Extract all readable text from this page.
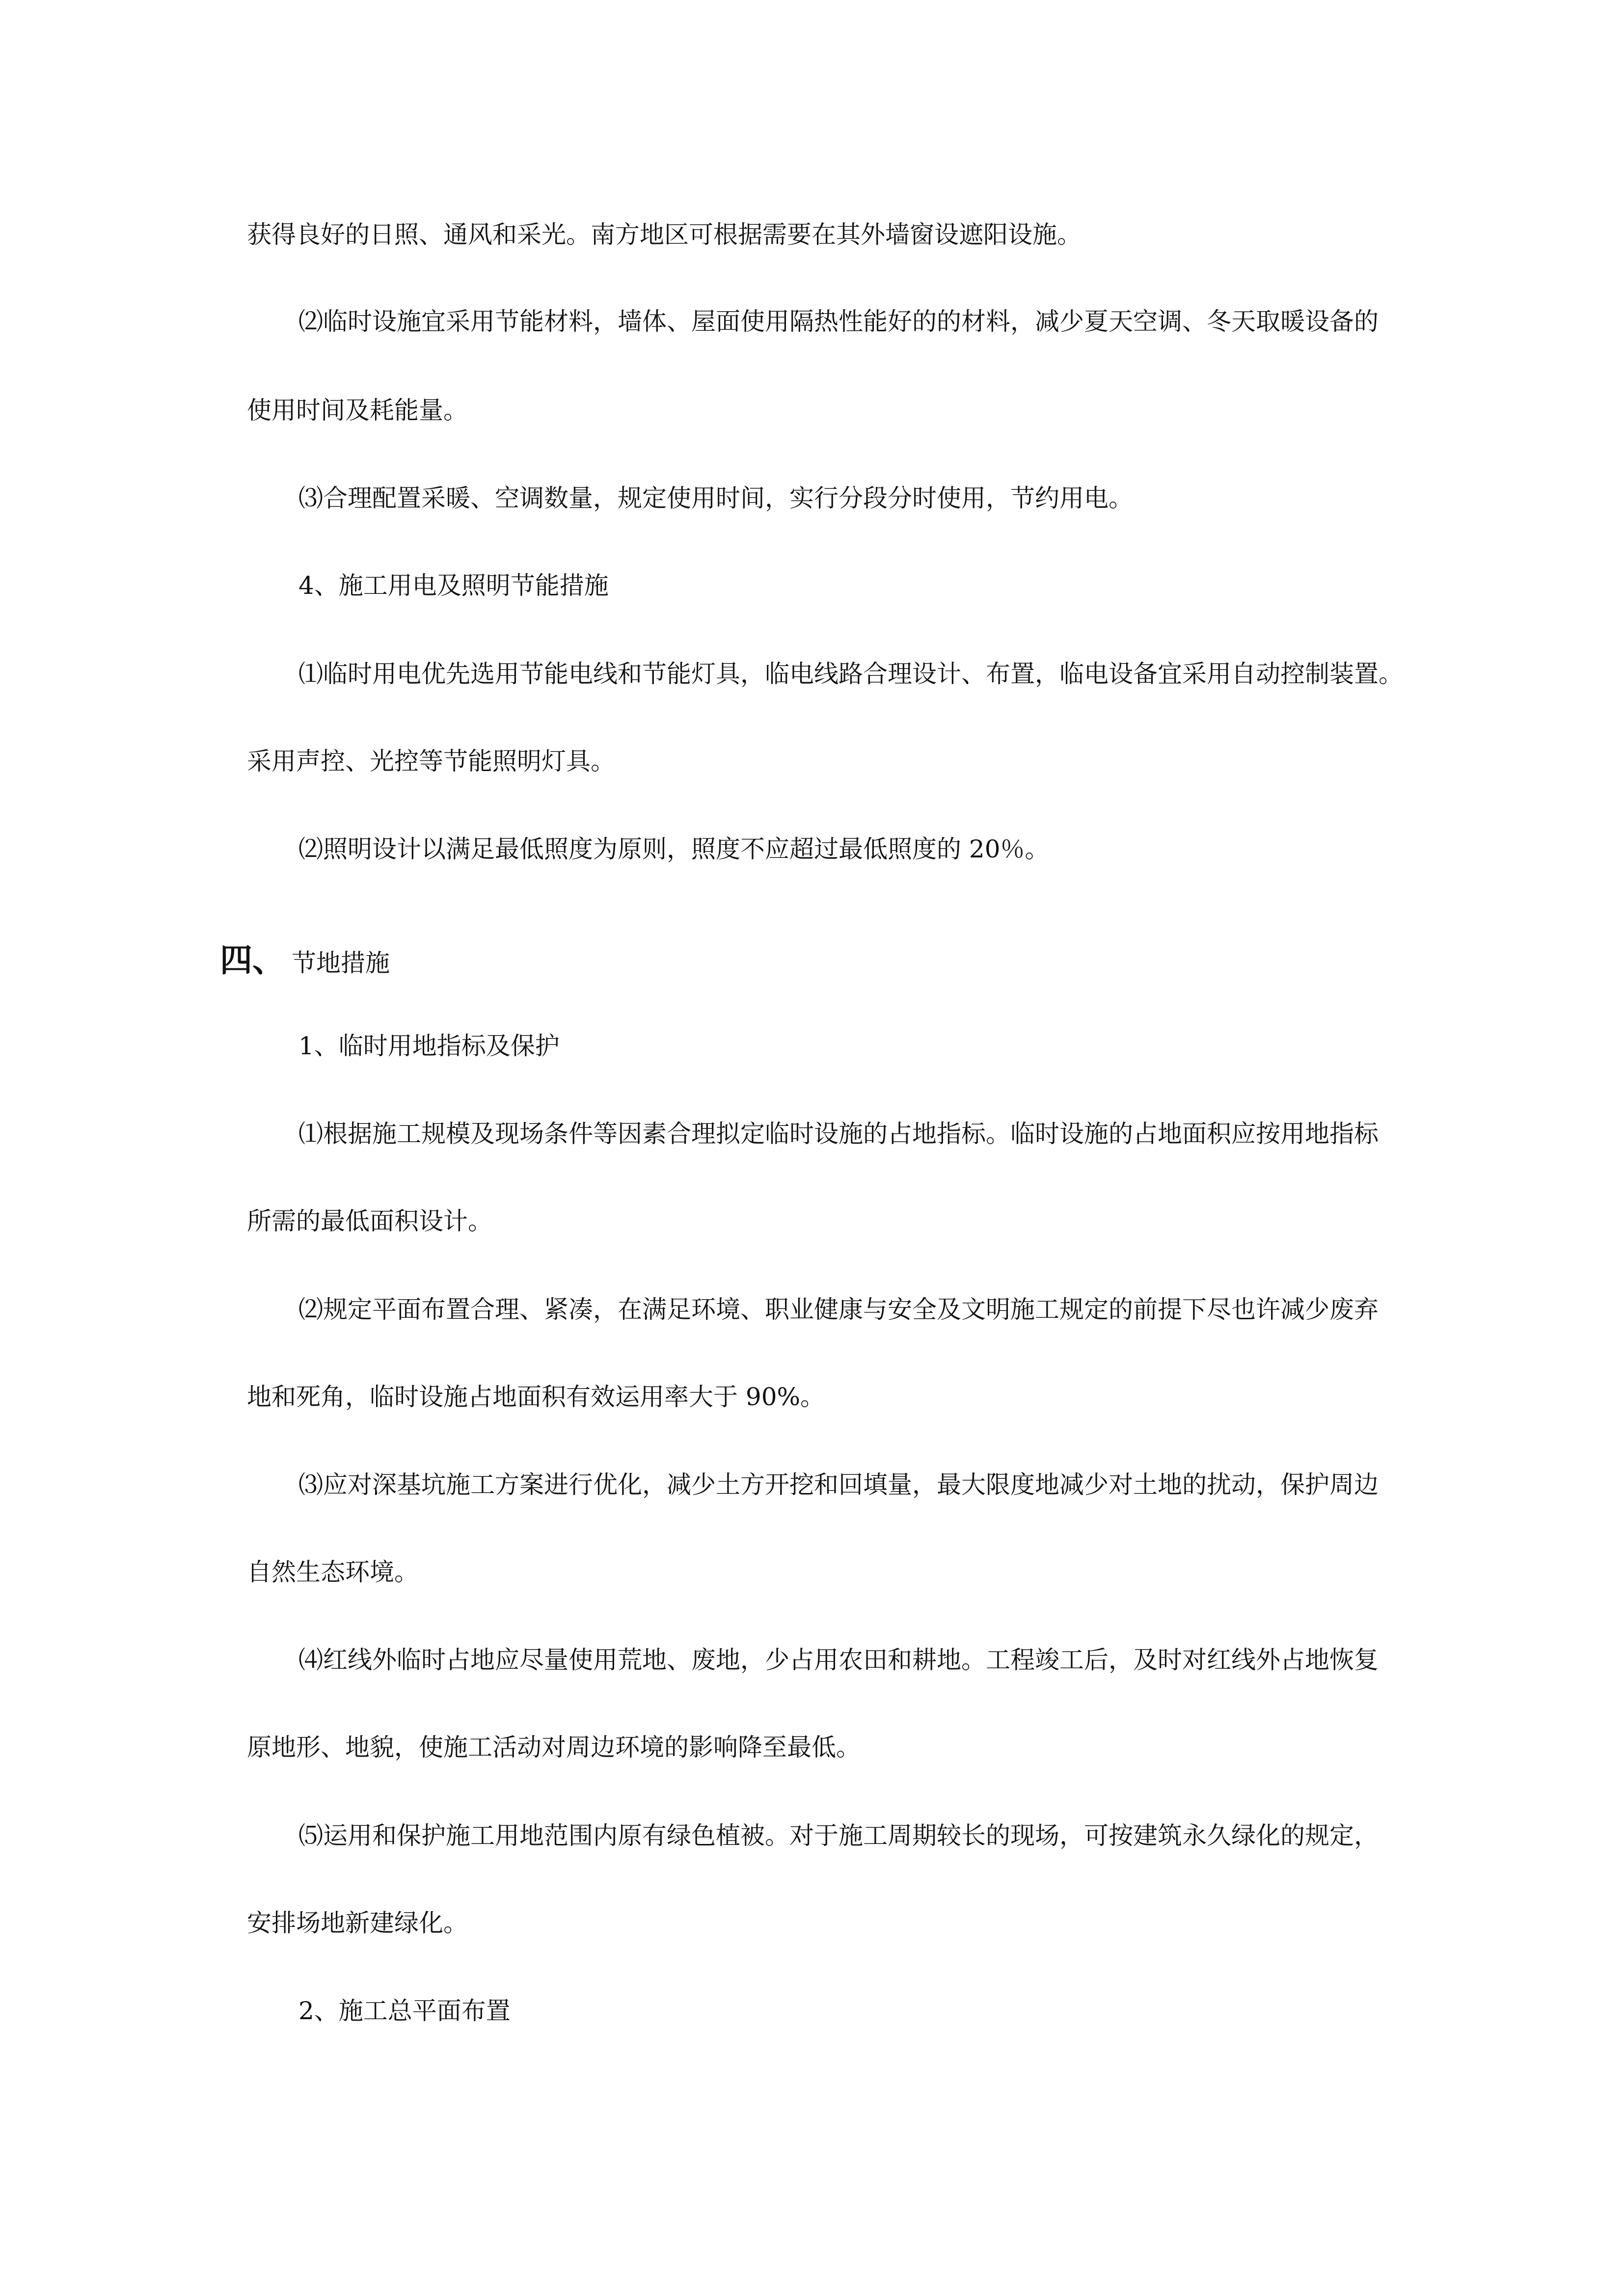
获得良好的日照、通风和采光。南方地区可根据需要在其外墙窗设遮阳设施。

⑵临时设施宜采用节能材料，墙体、屋面使用隔热性能好的的材料，减少夏天空调、冬天取暖设备的

使用时间及耗能量。

⑶合理配置采暖、空调数量，规定使用时间，实行分段分时使用，节约用电。

4、施工用电及照明节能措施

⑴临时用电优先选用节能电线和节能灯具，临电线路合理设计、布置，临电设备宜采用自动控制装置。

采用声控、光控等节能照明灯具。

⑵照明设计以满足最低照度为原则，照度不应超过最低照度的 20％。

四、 节地措施

1、临时用地指标及保护

⑴根据施工规模及现场条件等因素合理拟定临时设施的占地指标。临时设施的占地面积应按用地指标

所需的最低面积设计。

⑵规定平面布置合理、紧凑，在满足环境、职业健康与安全及文明施工规定的前提下尽也许减少废弃

地和死角，临时设施占地面积有效运用率大于 90%。

⑶应对深基坑施工方案进行优化，减少土方开挖和回填量，最大限度地减少对土地的扰动，保护周边

自然生态环境。

⑷红线外临时占地应尽量使用荒地、废地，少占用农田和耕地。工程竣工后，及时对红线外占地恢复

原地形、地貌，使施工活动对周边环境的影响降至最低。

⑸运用和保护施工用地范围内原有绿色植被。对于施工周期较长的现场，可按建筑永久绿化的规定，

安排场地新建绿化。

2、施工总平面布置
